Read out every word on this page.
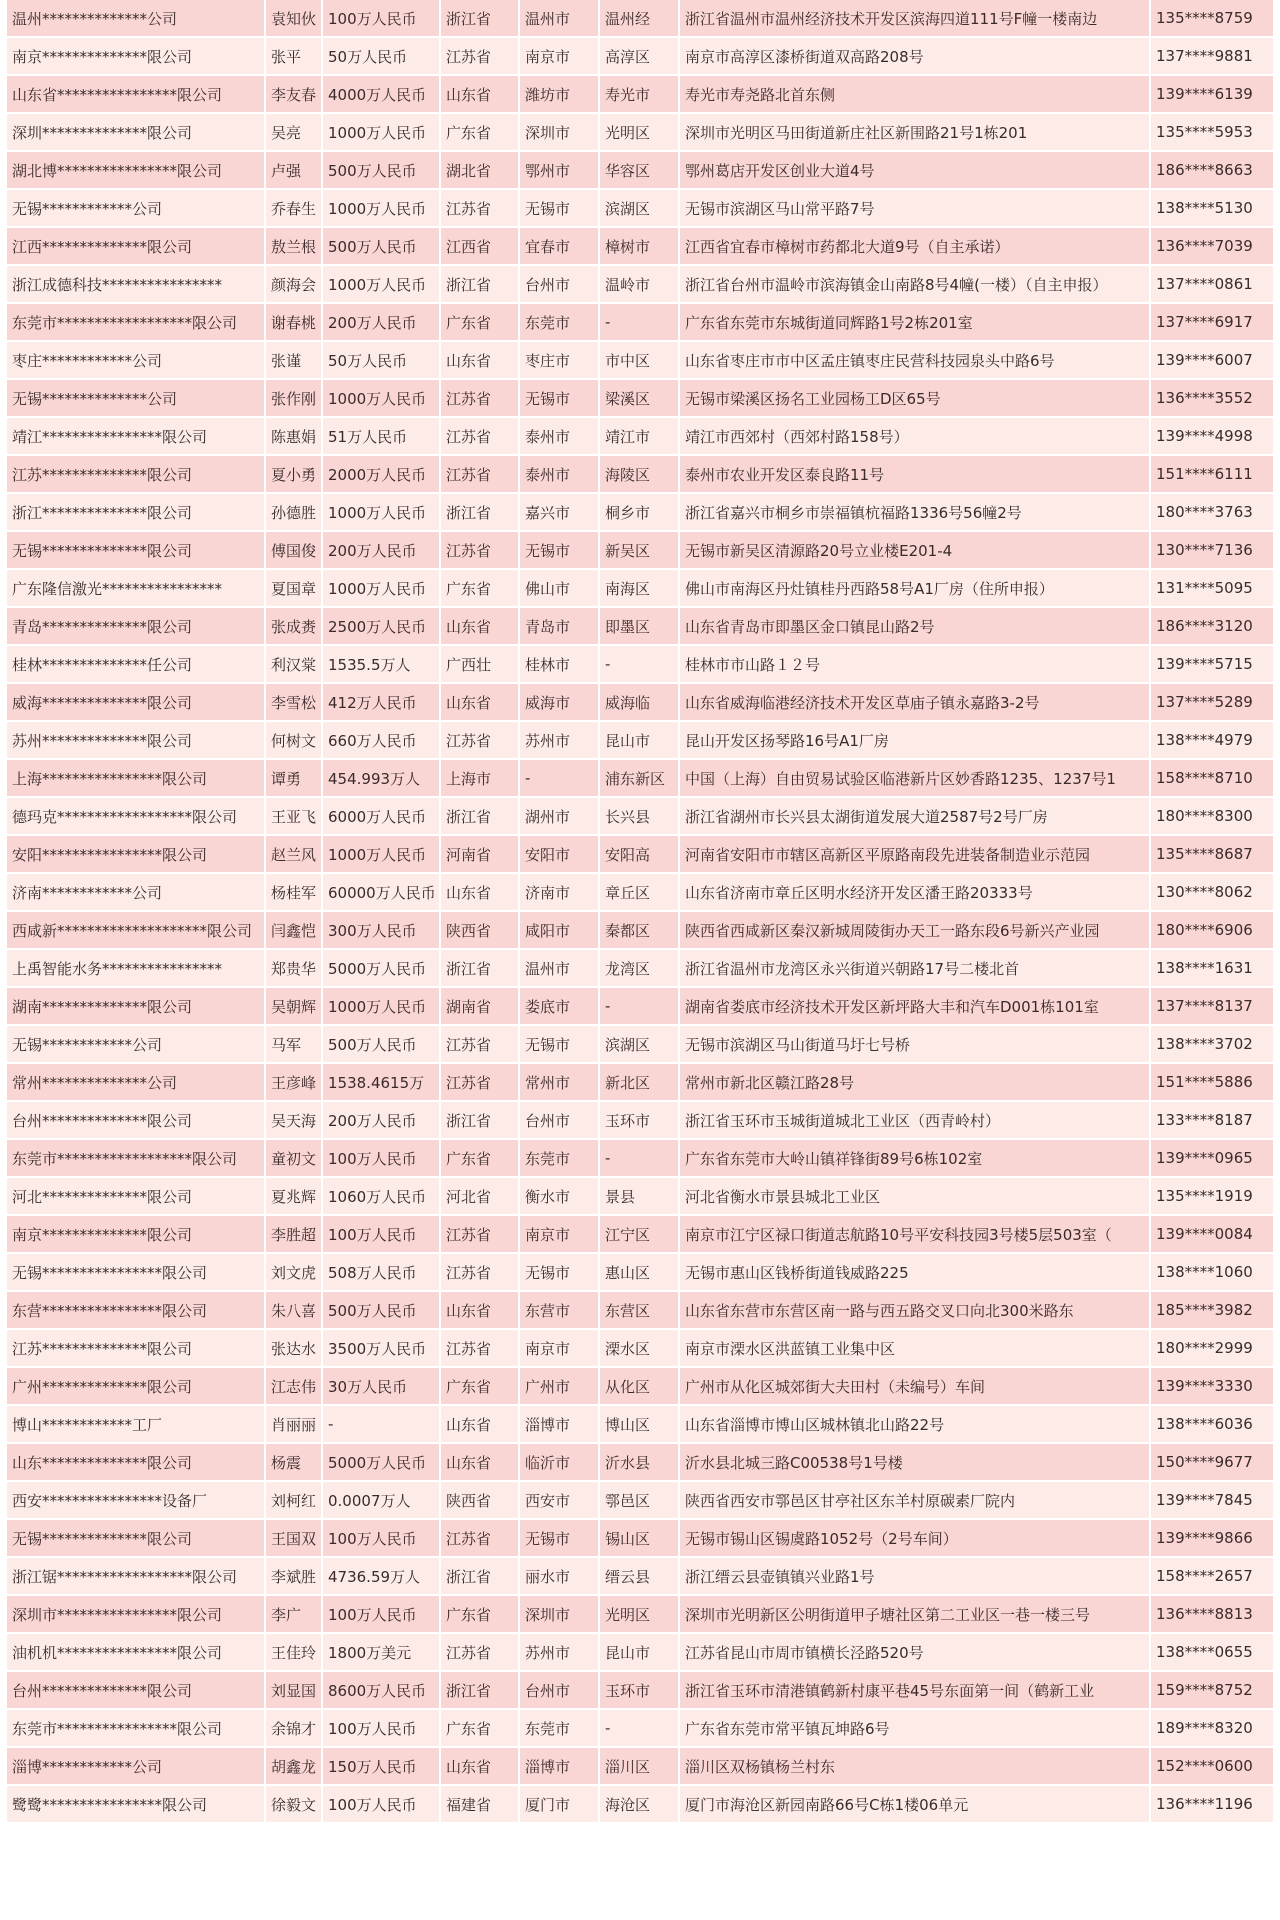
温州**************公司	袁知伙	100万人民币	浙江省	温州市	温州经	浙江省温州市温州经济技术开发区滨海四道111号F幢一楼南边	135****8759
南京**************限公司	张平	50万人民币	江苏省	南京市	高淳区	南京市高淳区漆桥街道双高路208号	137****9881
山东省****************限公司	李友春	4000万人民币	山东省	潍坊市	寿光市	寿光市寿尧路北首东侧	139****6139
深圳**************限公司	吴亮	1000万人民币	广东省	深圳市	光明区	深圳市光明区马田街道新庄社区新围路21号1栋201	135****5953
湖北博****************限公司	卢强	500万人民币	湖北省	鄂州市	华容区	鄂州葛店开发区创业大道4号	186****8663
无锡************公司	乔春生	1000万人民币	江苏省	无锡市	滨湖区	无锡市滨湖区马山常平路7号	138****5130
江西**************限公司	敖兰根	500万人民币	江西省	宜春市	樟树市	江西省宜春市樟树市药都北大道9号（自主承诺）	136****7039
浙江成德科技****************	颜海会	1000万人民币	浙江省	台州市	温岭市	浙江省台州市温岭市滨海镇金山南路8号4幢(一楼）（自主申报）	137****0861
东莞市******************限公司	谢春桃	200万人民币	广东省	东莞市	-	广东省东莞市东城街道同辉路1号2栋201室	137****6917
枣庄************公司	张谨	50万人民币	山东省	枣庄市	市中区	山东省枣庄市市中区孟庄镇枣庄民营科技园泉头中路6号	139****6007
无锡**************公司	张作刚	1000万人民币	江苏省	无锡市	梁溪区	无锡市梁溪区扬名工业园杨工D区65号	136****3552
靖江****************限公司	陈惠娟	51万人民币	江苏省	泰州市	靖江市	靖江市西郊村（西郊村路158号）	139****4998
江苏**************限公司	夏小勇	2000万人民币	江苏省	泰州市	海陵区	泰州市农业开发区泰良路11号	151****6111
浙江**************限公司	孙德胜	1000万人民币	浙江省	嘉兴市	桐乡市	浙江省嘉兴市桐乡市崇福镇杭福路1336号56幢2号	180****3763
无锡**************限公司	傅国俊	200万人民币	江苏省	无锡市	新吴区	无锡市新吴区清源路20号立业楼E201-4	130****7136
广东隆信激光****************	夏国章	1000万人民币	广东省	佛山市	南海区	佛山市南海区丹灶镇桂丹西路58号A1厂房（住所申报）	131****5095
青岛**************限公司	张成赉	2500万人民币	山东省	青岛市	即墨区	山东省青岛市即墨区金口镇昆山路2号	186****3120
桂林**************任公司	利汉棠	1535.5万人	广西壮	桂林市	-	桂林市市山路１２号	139****5715
威海**************限公司	李雪松	412万人民币	山东省	威海市	威海临	山东省威海临港经济技术开发区草庙子镇永嘉路3-2号	137****5289
苏州**************限公司	何树文	660万人民币	江苏省	苏州市	昆山市	昆山开发区扬琴路16号A1厂房	138****4979
上海****************限公司	谭勇	454.993万人	上海市	-	浦东新区	中国（上海）自由贸易试验区临港新片区妙香路1235、1237号1	158****8710
德玛克******************限公司	王亚飞	6000万人民币	浙江省	湖州市	长兴县	浙江省湖州市长兴县太湖街道发展大道2587号2号厂房	180****8300
安阳****************限公司	赵兰风	1000万人民币	河南省	安阳市	安阳高	河南省安阳市市辖区高新区平原路南段先进装备制造业示范园	135****8687
济南************公司	杨桂军	60000万人民币	山东省	济南市	章丘区	山东省济南市章丘区明水经济开发区潘王路20333号	130****8062
西咸新********************限公司	闫鑫恺	300万人民币	陕西省	咸阳市	秦都区	陕西省西咸新区秦汉新城周陵街办天工一路东段6号新兴产业园	180****6906
上禹智能水务****************	郑贵华	5000万人民币	浙江省	温州市	龙湾区	浙江省温州市龙湾区永兴街道兴朝路17号二楼北首	138****1631
湖南**************限公司	吴朝辉	1000万人民币	湖南省	娄底市	-	湖南省娄底市经济技术开发区新坪路大丰和汽车D001栋101室	137****8137
无锡************公司	马军	500万人民币	江苏省	无锡市	滨湖区	无锡市滨湖区马山街道马圩七号桥	138****3702
常州**************公司	王彦峰	1538.4615万	江苏省	常州市	新北区	常州市新北区赣江路28号	151****5886
台州**************限公司	吴天海	200万人民币	浙江省	台州市	玉环市	浙江省玉环市玉城街道城北工业区（西青岭村）	133****8187
东莞市******************限公司	童初文	100万人民币	广东省	东莞市	-	广东省东莞市大岭山镇祥锋街89号6栋102室	139****0965
河北**************限公司	夏兆辉	1060万人民币	河北省	衡水市	景县	河北省衡水市景县城北工业区	135****1919
南京**************限公司	李胜超	100万人民币	江苏省	南京市	江宁区	南京市江宁区禄口街道志航路10号平安科技园3号楼5层503室（	139****0084
无锡****************限公司	刘文虎	508万人民币	江苏省	无锡市	惠山区	无锡市惠山区钱桥街道钱威路225	138****1060
东营****************限公司	朱八喜	500万人民币	山东省	东营市	东营区	山东省东营市东营区南一路与西五路交叉口向北300米路东	185****3982
江苏**************限公司	张达水	3500万人民币	江苏省	南京市	溧水区	南京市溧水区洪蓝镇工业集中区	180****2999
广州**************限公司	江志伟	30万人民币	广东省	广州市	从化区	广州市从化区城郊街大夫田村（未编号）车间	139****3330
博山************工厂	肖丽丽	-	山东省	淄博市	博山区	山东省淄博市博山区城林镇北山路22号	138****6036
山东**************限公司	杨震	5000万人民币	山东省	临沂市	沂水县	沂水县北城三路C00538号1号楼	150****9677
西安****************设备厂	刘柯红	0.0007万人	陕西省	西安市	鄠邑区	陕西省西安市鄠邑区甘亭社区东羊村原碳素厂院内	139****7845
无锡**************限公司	王国双	100万人民币	江苏省	无锡市	锡山区	无锡市锡山区锡虞路1052号（2号车间）	139****9866
浙江锯******************限公司	李斌胜	4736.59万人	浙江省	丽水市	缙云县	浙江缙云县壶镇镇兴业路1号	158****2657
深圳市****************限公司	李广	100万人民币	广东省	深圳市	光明区	深圳市光明新区公明街道甲子塘社区第二工业区一巷一楼三号	136****8813
油机机****************限公司	王佳玲	1800万美元	江苏省	苏州市	昆山市	江苏省昆山市周市镇横长泾路520号	138****0655
台州**************限公司	刘显国	8600万人民币	浙江省	台州市	玉环市	浙江省玉环市清港镇鹤新村康平巷45号东面第一间（鹤新工业	159****8752
东莞市****************限公司	余锦才	100万人民币	广东省	东莞市	-	广东省东莞市常平镇瓦坤路6号	189****8320
淄博************公司	胡鑫龙	150万人民币	山东省	淄博市	淄川区	淄川区双杨镇杨兰村东	152****0600
鹭鹭****************限公司	徐毅文	100万人民币	福建省	厦门市	海沧区	厦门市海沧区新园南路66号C栋1楼06单元	136****1196
